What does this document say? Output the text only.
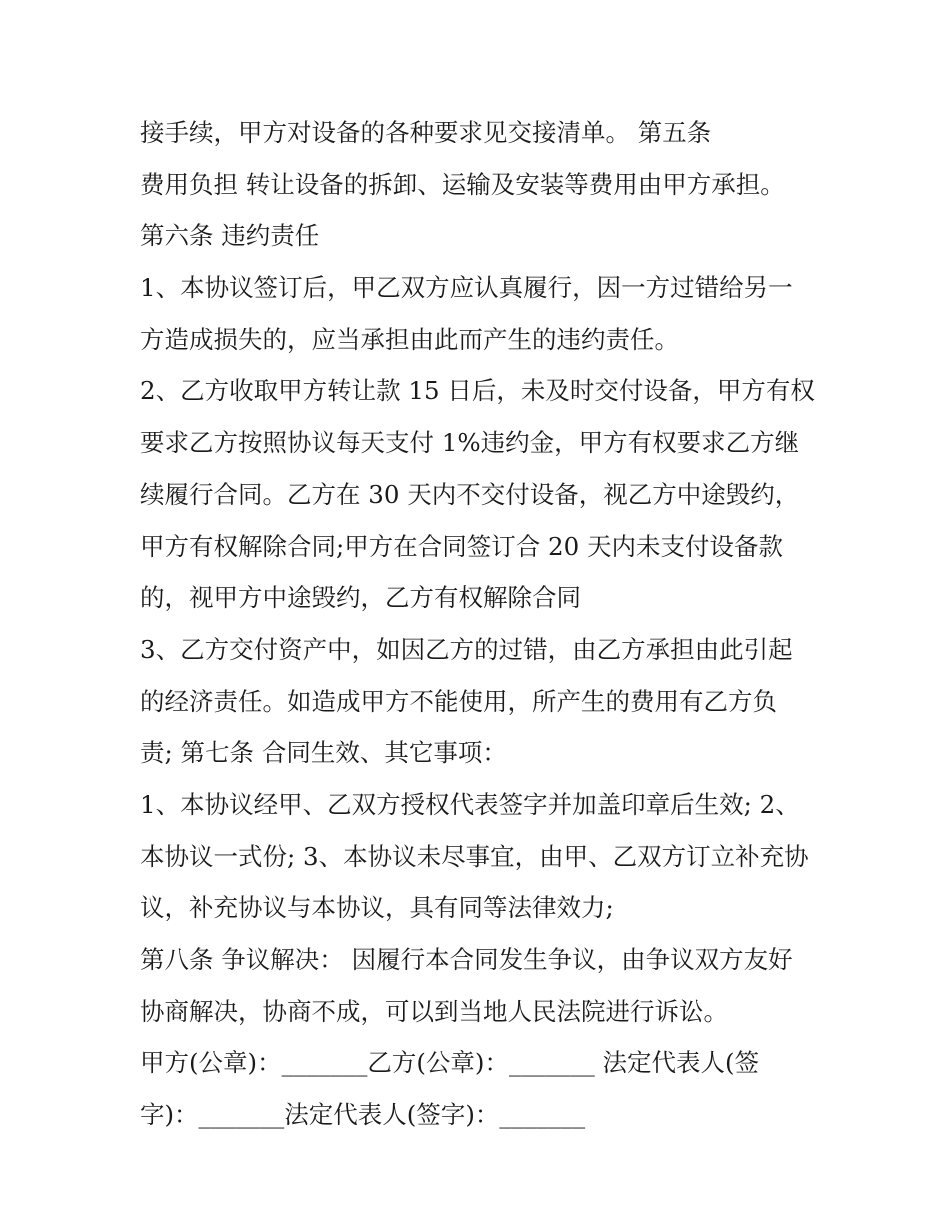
接手续，甲方对设备的各种要求见交接清单。 第五条
费用负担 转让设备的拆卸、运输及安装等费用由甲方承担。
第六条 违约责任
1、本协议签订后，甲乙双方应认真履行，因一方过错给另一
方造成损失的，应当承担由此而产生的违约责任。
2、乙方收取甲方转让款 15 日后，未及时交付设备，甲方有权
要求乙方按照协议每天支付 1%违约金，甲方有权要求乙方继
续履行合同。乙方在 30 天内不交付设备，视乙方中途毁约，
甲方有权解除合同;甲方在合同签订合 20 天内未支付设备款
的，视甲方中途毁约，乙方有权解除合同
3、乙方交付资产中，如因乙方的过错，由乙方承担由此引起
的经济责任。如造成甲方不能使用，所产生的费用有乙方负
责; 第七条 合同生效、其它事项：
1、本协议经甲、乙双方授权代表签字并加盖印章后生效; 2、
本协议一式份; 3、本协议未尽事宜，由甲、乙双方订立补充协
议，补充协议与本协议，具有同等法律效力;
第八条 争议解决： 因履行本合同发生争议，由争议双方友好
协商解决，协商不成，可以到当地人民法院进行诉讼。
甲方(公章)：_______乙方(公章)：_______ 法定代表人(签
字)：_______法定代表人(签字)：_______
